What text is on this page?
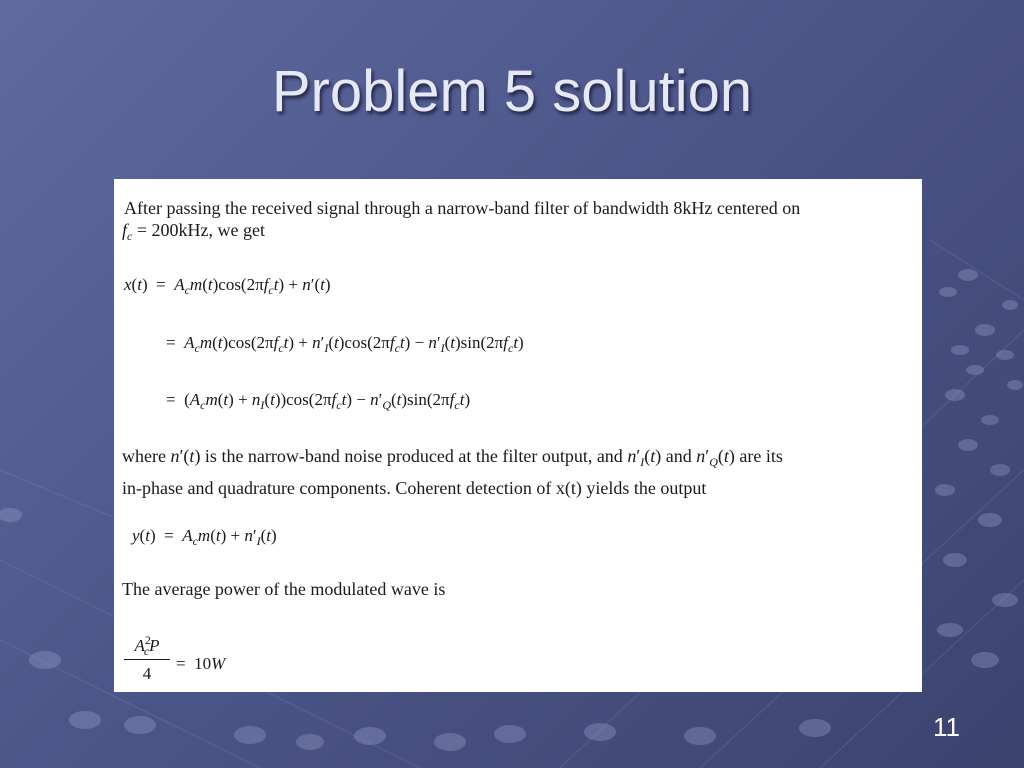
Problem 5 solution
After passing the received signal through a narrow-band filter of bandwidth 8kHz centered on
$f_c = 200kHz$, we get
$x(t) = A_cm(t)\cos(2\pi f_ct) + n'(t)$
=  $A_cm(t)\cos(2\pi f_ct) + n'_I(t)\cos(2\pi f_ct) - n'_I(t)\sin(2\pi f_ct)$
=  $(A_cm(t) + n_I(t))\cos(2\pi f_ct) - n'_Q(t)\sin(2\pi f_ct)$
where n′(t) is the narrow-band noise produced at the filter output, and $n'_I(t)$ and $n'_Q(t)$ are its
in-phase and quadrature components. Coherent detection of x(t) yields the output
$y(t) = A_cm(t) + n'_I(t)$
The average power of the modulated wave is
$\frac{A^2_cP}{4} = 10W$
11
